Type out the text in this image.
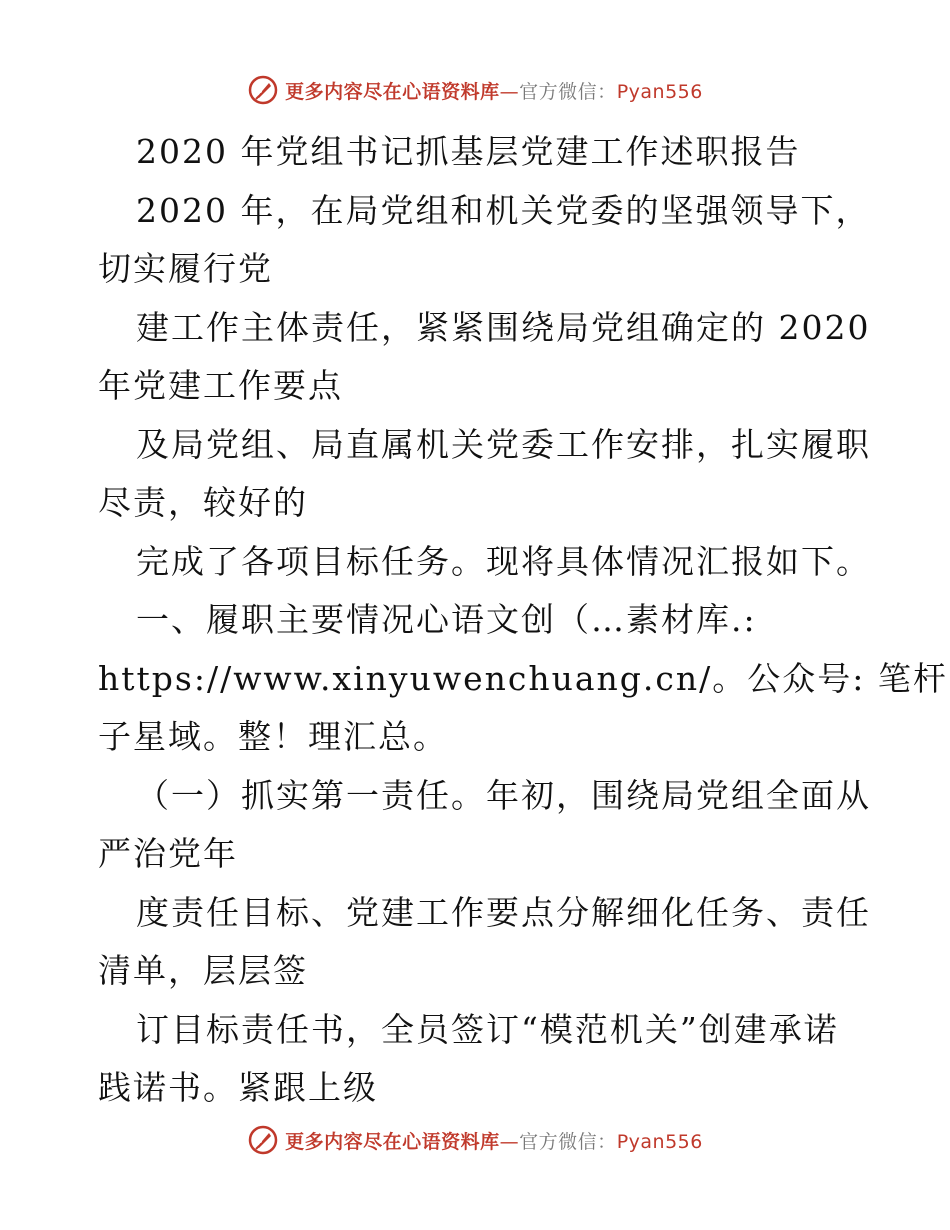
更多内容尽在心语资料库—官方微信：Pyan556
2020 年党组书记抓基层党建工作述职报告
2020 年，在局党组和机关党委的坚强领导下，
切实履行党
建工作主体责任，紧紧围绕局党组确定的 2020
年党建工作要点
及局党组、局直属机关党委工作安排，扎实履职
尽责，较好的
完成了各项目标任务。现将具体情况汇报如下。
一、履职主要情况心语文创（…素材库.:
https://www.xinyuwenchuang.cn/。公众号: 笔杆
子星域。整！理汇总。
（一）抓实第一责任。年初，围绕局党组全面从
严治党年
度责任目标、党建工作要点分解细化任务、责任
清单，层层签
订目标责任书，全员签订“模范机关”创建承诺
践诺书。紧跟上级
更多内容尽在心语资料库—官方微信：Pyan556
